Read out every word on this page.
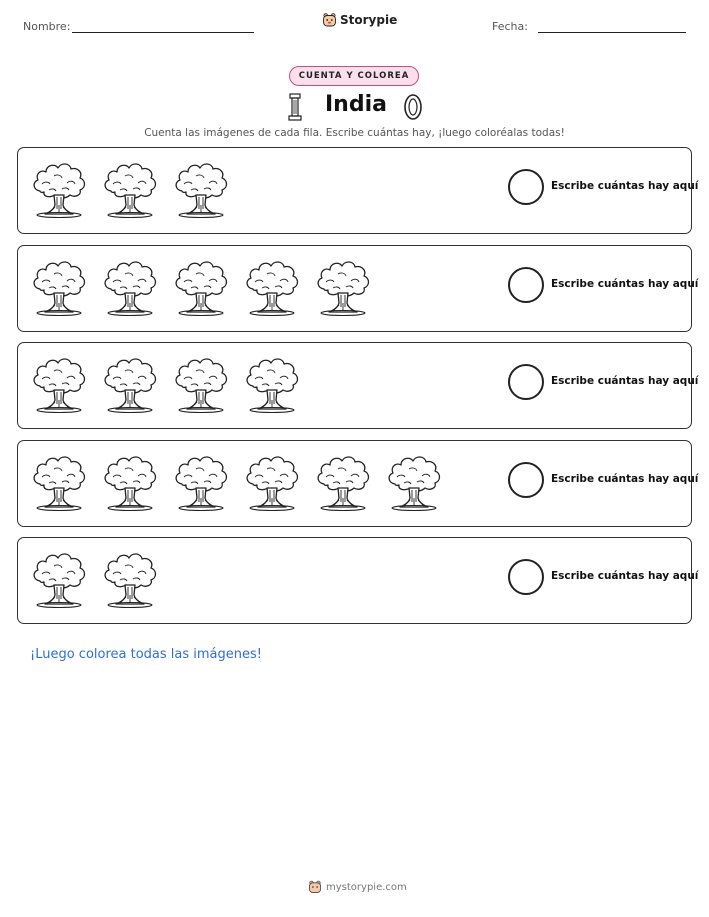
Nombre:	Storypie	Fecha:
CUENTA Y COLOREA
India
Cuenta las imágenes de cada fila. Escribe cuántas hay, ¡luego coloréalas todas!
Escribe cuántas hay aquí
Escribe cuántas hay aquí
Escribe cuántas hay aquí
Escribe cuántas hay aquí
Escribe cuántas hay aquí
¡Luego colorea todas las imágenes!
mystorypie.com
